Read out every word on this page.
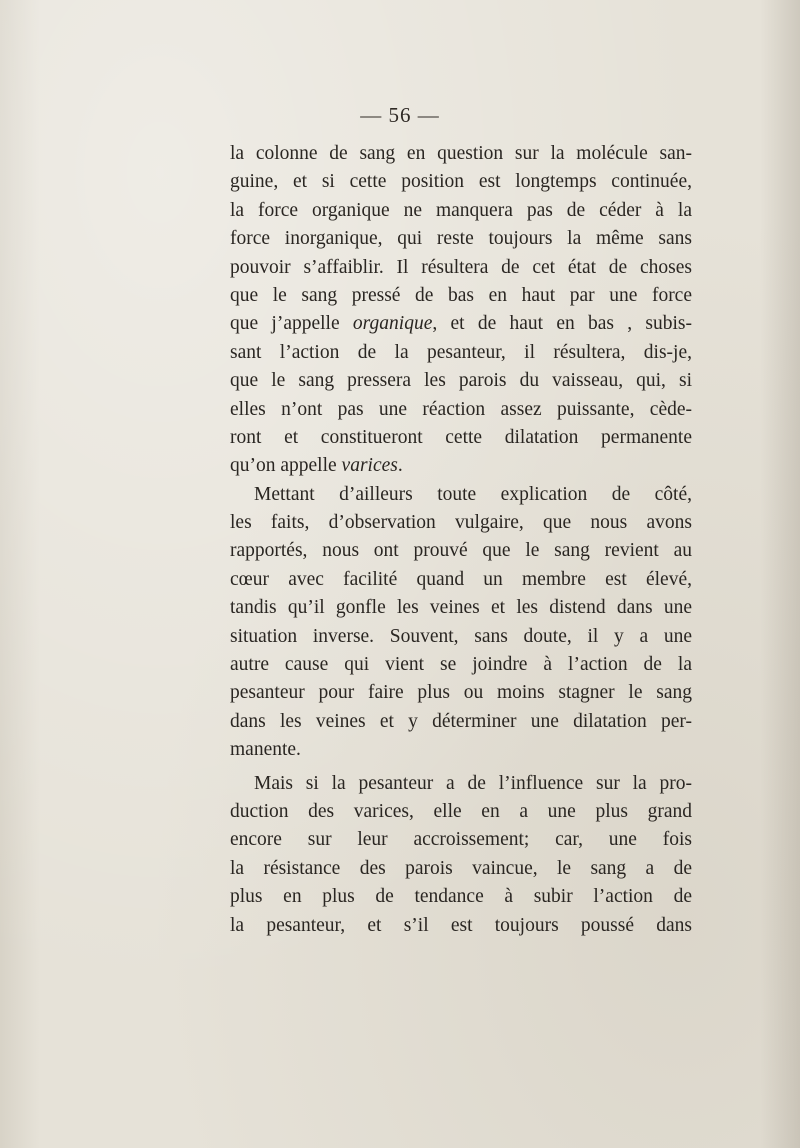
— 56 —
la colonne de sang en question sur la molécule san-
guine, et si cette position est longtemps continuée,
la force organique ne manquera pas de céder à la
force inorganique, qui reste toujours la même sans
pouvoir s’affaiblir. Il résultera de cet état de choses
que le sang pressé de bas en haut par une force
que j’appelle organique, et de haut en bas , subis-
sant l’action de la pesanteur, il résultera, dis-je,
que le sang pressera les parois du vaisseau, qui, si
elles n’ont pas une réaction assez puissante, cède-
ront et constitueront cette dilatation permanente
qu’on appelle varices.
Mettant d’ailleurs toute explication de côté,
les faits, d’observation vulgaire, que nous avons
rapportés, nous ont prouvé que le sang revient au
cœur avec facilité quand un membre est élevé,
tandis qu’il gonfle les veines et les distend dans une
situation inverse. Souvent, sans doute, il y a une
autre cause qui vient se joindre à l’action de la
pesanteur pour faire plus ou moins stagner le sang
dans les veines et y déterminer une dilatation per-
manente.
Mais si la pesanteur a de l’influence sur la pro-
duction des varices, elle en a une plus grand
encore sur leur accroissement; car, une fois
la résistance des parois vaincue, le sang a de
plus en plus de tendance à subir l’action de
la pesanteur, et s’il est toujours poussé dans
